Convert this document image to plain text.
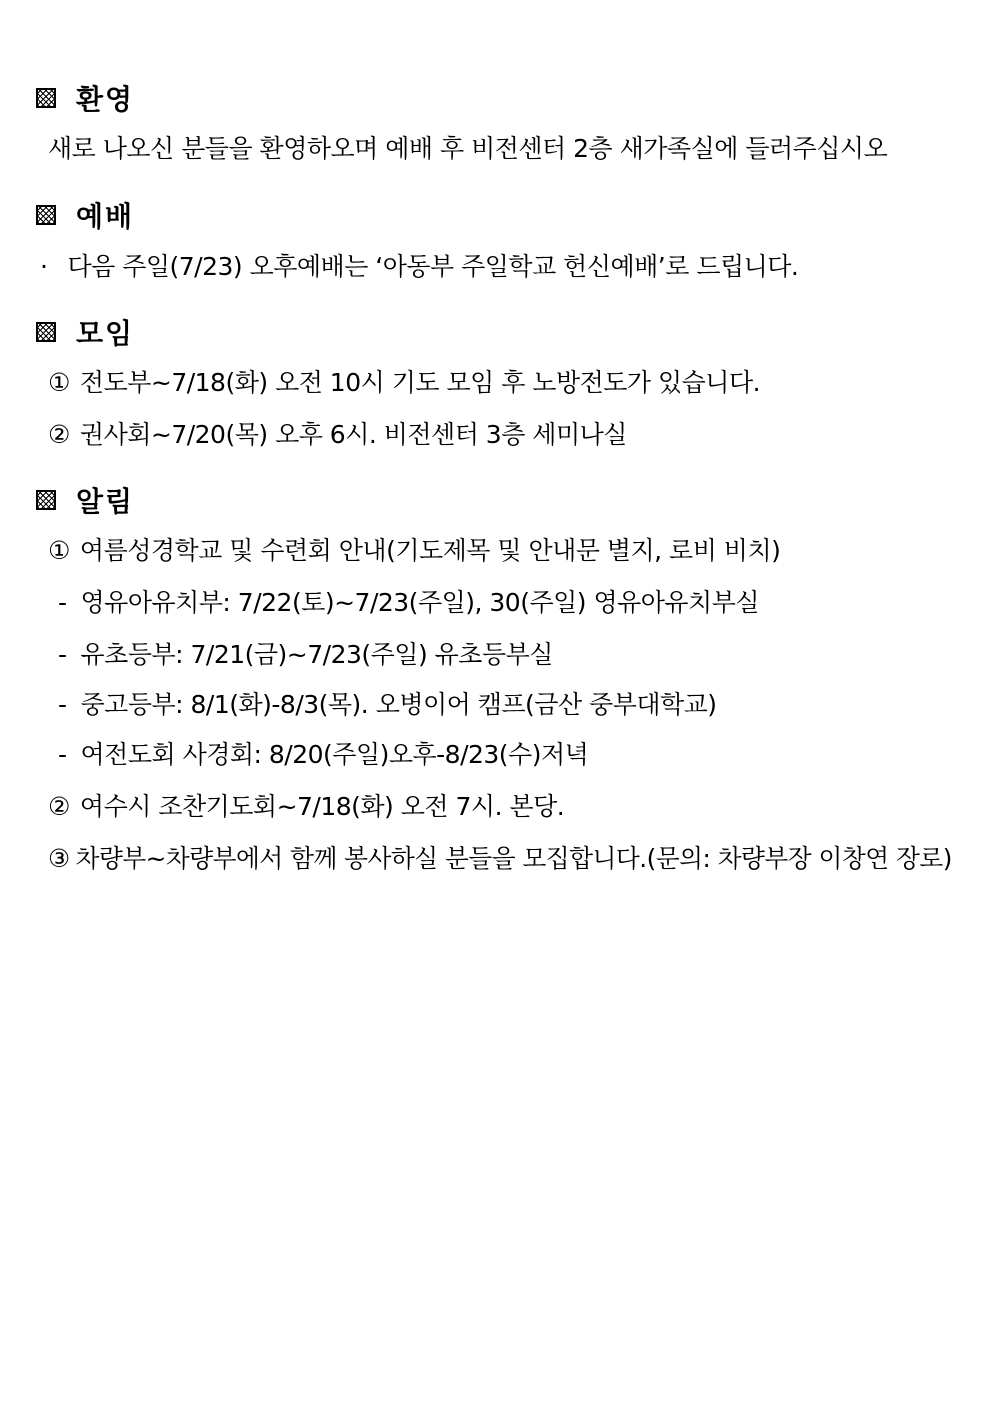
환영
새로 나오신 분들을 환영하오며 예배 후 비전센터 2층 새가족실에 들러주십시오
예배
· 다음 주일(7/23) 오후예배는 ‘아동부 주일학교 헌신예배’로 드립니다.
모임
① 전도부~7/18(화) 오전 10시 기도 모임 후 노방전도가 있습니다.
② 권사회~7/20(목) 오후 6시. 비전센터 3층 세미나실
알림
① 여름성경학교 및 수련회 안내(기도제목 및 안내문 별지, 로비 비치)
- 영유아유치부: 7/22(토)~7/23(주일), 30(주일) 영유아유치부실
- 유초등부: 7/21(금)~7/23(주일) 유초등부실
- 중고등부: 8/1(화)-8/3(목). 오병이어 캠프(금산 중부대학교)
- 여전도회 사경회: 8/20(주일)오후-8/23(수)저녁
② 여수시 조찬기도회~7/18(화) 오전 7시. 본당.
③ 차량부~차량부에서 함께 봉사하실 분들을 모집합니다.(문의: 차량부장 이창연 장로)
